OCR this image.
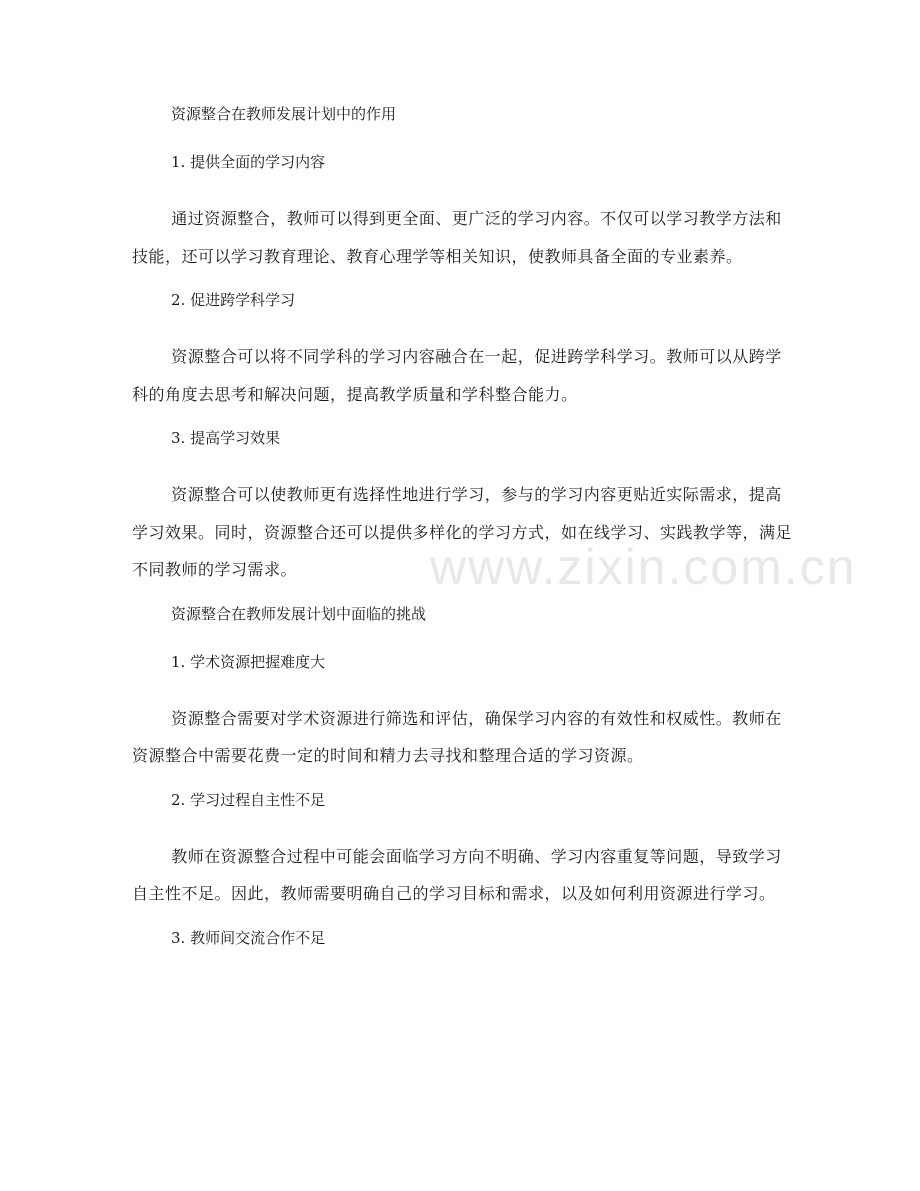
www.zixin.com.cn

资源整合在教师发展计划中的作用

1. 提供全面的学习内容

通过资源整合，教师可以得到更全面、更广泛的学习内容。不仅可以学习教学方法和技能，还可以学习教育理论、教育心理学等相关知识，使教师具备全面的专业素养。

2. 促进跨学科学习

资源整合可以将不同学科的学习内容融合在一起，促进跨学科学习。教师可以从跨学科的角度去思考和解决问题，提高教学质量和学科整合能力。

3. 提高学习效果

资源整合可以使教师更有选择性地进行学习，参与的学习内容更贴近实际需求，提高学习效果。同时，资源整合还可以提供多样化的学习方式，如在线学习、实践教学等，满足不同教师的学习需求。

资源整合在教师发展计划中面临的挑战

1. 学术资源把握难度大

资源整合需要对学术资源进行筛选和评估，确保学习内容的有效性和权威性。教师在资源整合中需要花费一定的时间和精力去寻找和整理合适的学习资源。

2. 学习过程自主性不足

教师在资源整合过程中可能会面临学习方向不明确、学习内容重复等问题，导致学习自主性不足。因此，教师需要明确自己的学习目标和需求，以及如何利用资源进行学习。

3. 教师间交流合作不足
